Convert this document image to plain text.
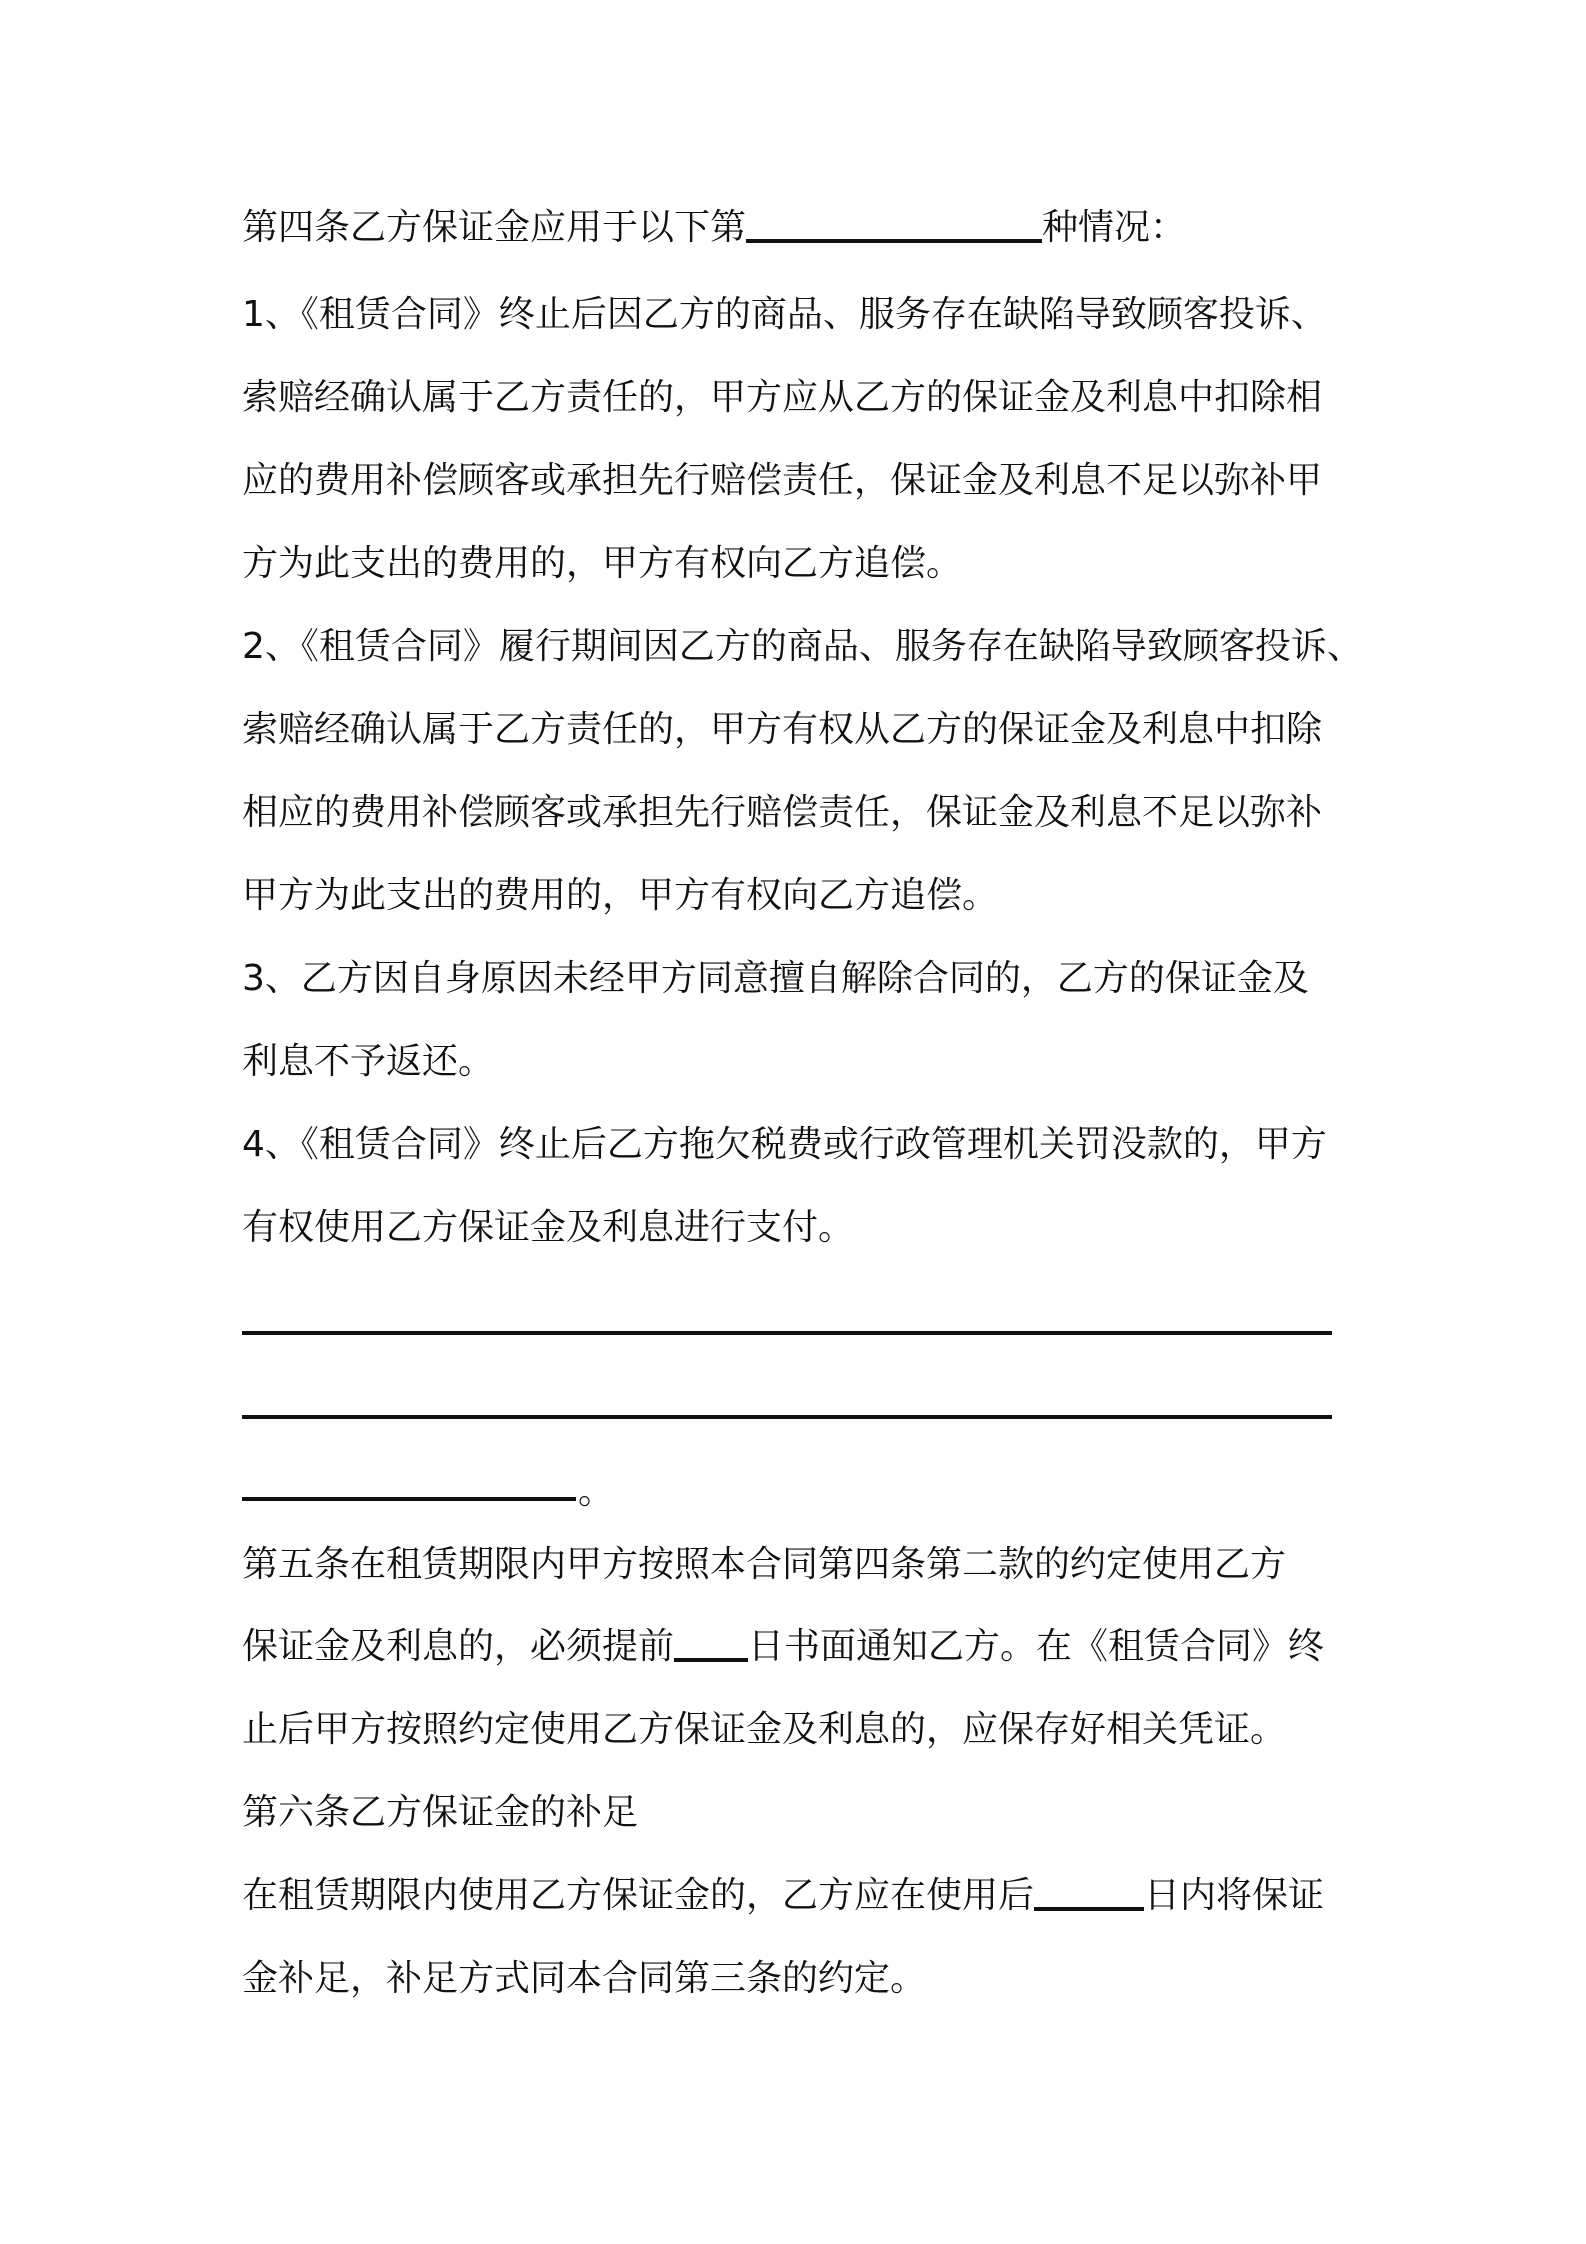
第四条乙方保证金应用于以下第	种情况：
1、《租赁合同》终止后因乙方的商品、服务存在缺陷导致顾客投诉、
索赔经确认属于乙方责任的，甲方应从乙方的保证金及利息中扣除相
应的费用补偿顾客或承担先行赔偿责任，保证金及利息不足以弥补甲
方为此支出的费用的，甲方有权向乙方追偿。
2、《租赁合同》履行期间因乙方的商品、服务存在缺陷导致顾客投诉、
索赔经确认属于乙方责任的，甲方有权从乙方的保证金及利息中扣除
相应的费用补偿顾客或承担先行赔偿责任，保证金及利息不足以弥补
甲方为此支出的费用的，甲方有权向乙方追偿。
3、乙方因自身原因未经甲方同意擅自解除合同的，乙方的保证金及
利息不予返还。
4、《租赁合同》终止后乙方拖欠税费或行政管理机关罚没款的，甲方
有权使用乙方保证金及利息进行支付。
。
第五条在租赁期限内甲方按照本合同第四条第二款的约定使用乙方
保证金及利息的，必须提前 日书面通知乙方。在《租赁合同》终
止后甲方按照约定使用乙方保证金及利息的，应保存好相关凭证。
第六条乙方保证金的补足
在租赁期限内使用乙方保证金的，乙方应在使用后	日内将保证
金补足，补足方式同本合同第三条的约定。
